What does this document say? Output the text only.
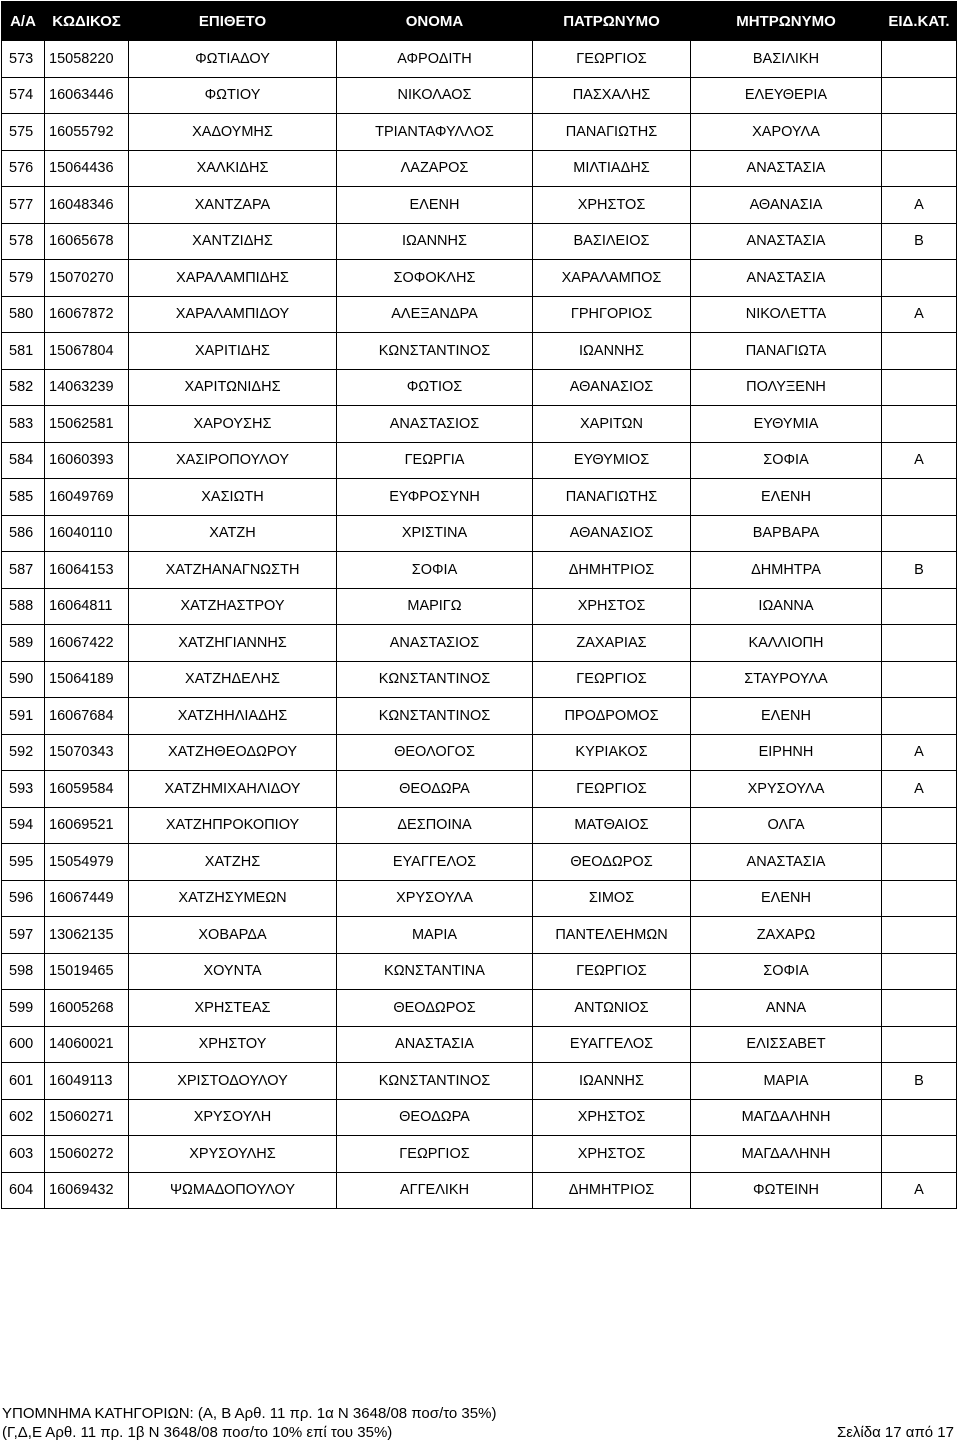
Α/Α	ΚΩΔΙΚΟΣ	ΕΠΙΘΕΤΟ	ΟΝΟΜΑ	ΠΑΤΡΩΝΥΜΟ	ΜΗΤΡΩΝΥΜΟ	ΕΙΔ.ΚΑΤ.
573	15058220	ΦΩΤΙΑΔΟΥ	ΑΦΡΟΔΙΤΗ	ΓΕΩΡΓΙΟΣ	ΒΑΣΙΛΙΚΗ	
574	16063446	ΦΩΤΙΟΥ	ΝΙΚΟΛΑΟΣ	ΠΑΣΧΑΛΗΣ	ΕΛΕΥΘΕΡΙΑ	
575	16055792	ΧΑΔΟΥΜΗΣ	ΤΡΙΑΝΤΑΦΥΛΛΟΣ	ΠΑΝΑΓΙΩΤΗΣ	ΧΑΡΟΥΛΑ	
576	15064436	ΧΑΛΚΙΔΗΣ	ΛΑΖΑΡΟΣ	ΜΙΛΤΙΑΔΗΣ	ΑΝΑΣΤΑΣΙΑ	
577	16048346	ΧΑΝΤΖΑΡΑ	ΕΛΕΝΗ	ΧΡΗΣΤΟΣ	ΑΘΑΝΑΣΙΑ	Α
578	16065678	ΧΑΝΤΖΙΔΗΣ	ΙΩΑΝΝΗΣ	ΒΑΣΙΛΕΙΟΣ	ΑΝΑΣΤΑΣΙΑ	Β
579	15070270	ΧΑΡΑΛΑΜΠΙΔΗΣ	ΣΟΦΟΚΛΗΣ	ΧΑΡΑΛΑΜΠΟΣ	ΑΝΑΣΤΑΣΙΑ	
580	16067872	ΧΑΡΑΛΑΜΠΙΔΟΥ	ΑΛΕΞΑΝΔΡΑ	ΓΡΗΓΟΡΙΟΣ	ΝΙΚΟΛΕΤΤΑ	Α
581	15067804	ΧΑΡΙΤΙΔΗΣ	ΚΩΝΣΤΑΝΤΙΝΟΣ	ΙΩΑΝΝΗΣ	ΠΑΝΑΓΙΩΤΑ	
582	14063239	ΧΑΡΙΤΩΝΙΔΗΣ	ΦΩΤΙΟΣ	ΑΘΑΝΑΣΙΟΣ	ΠΟΛΥΞΕΝΗ	
583	15062581	ΧΑΡΟΥΣΗΣ	ΑΝΑΣΤΑΣΙΟΣ	ΧΑΡΙΤΩΝ	ΕΥΘΥΜΙΑ	
584	16060393	ΧΑΣΙΡΟΠΟΥΛΟΥ	ΓΕΩΡΓΙΑ	ΕΥΘΥΜΙΟΣ	ΣΟΦΙΑ	Α
585	16049769	ΧΑΣΙΩΤΗ	ΕΥΦΡΟΣΥΝΗ	ΠΑΝΑΓΙΩΤΗΣ	ΕΛΕΝΗ	
586	16040110	ΧΑΤΖΗ	ΧΡΙΣΤΙΝΑ	ΑΘΑΝΑΣΙΟΣ	ΒΑΡΒΑΡΑ	
587	16064153	ΧΑΤΖΗΑΝΑΓΝΩΣΤΗ	ΣΟΦΙΑ	ΔΗΜΗΤΡΙΟΣ	ΔΗΜΗΤΡΑ	Β
588	16064811	ΧΑΤΖΗΑΣΤΡΟΥ	ΜΑΡΙΓΩ	ΧΡΗΣΤΟΣ	ΙΩΑΝΝΑ	
589	16067422	ΧΑΤΖΗΓΙΑΝΝΗΣ	ΑΝΑΣΤΑΣΙΟΣ	ΖΑΧΑΡΙΑΣ	ΚΑΛΛΙΟΠΗ	
590	15064189	ΧΑΤΖΗΔΕΛΗΣ	ΚΩΝΣΤΑΝΤΙΝΟΣ	ΓΕΩΡΓΙΟΣ	ΣΤΑΥΡΟΥΛΑ	
591	16067684	ΧΑΤΖΗΗΛΙΑΔΗΣ	ΚΩΝΣΤΑΝΤΙΝΟΣ	ΠΡΟΔΡΟΜΟΣ	ΕΛΕΝΗ	
592	15070343	ΧΑΤΖΗΘΕΟΔΩΡΟΥ	ΘΕΟΛΟΓΟΣ	ΚΥΡΙΑΚΟΣ	ΕΙΡΗΝΗ	Α
593	16059584	ΧΑΤΖΗΜΙΧΑΗΛΙΔΟΥ	ΘΕΟΔΩΡΑ	ΓΕΩΡΓΙΟΣ	ΧΡΥΣΟΥΛΑ	Α
594	16069521	ΧΑΤΖΗΠΡΟΚΟΠΙΟΥ	ΔΕΣΠΟΙΝΑ	ΜΑΤΘΑΙΟΣ	ΟΛΓΑ	
595	15054979	ΧΑΤΖΗΣ	ΕΥΑΓΓΕΛΟΣ	ΘΕΟΔΩΡΟΣ	ΑΝΑΣΤΑΣΙΑ	
596	16067449	ΧΑΤΖΗΣΥΜΕΩΝ	ΧΡΥΣΟΥΛΑ	ΣΙΜΟΣ	ΕΛΕΝΗ	
597	13062135	ΧΟΒΑΡΔΑ	ΜΑΡΙΑ	ΠΑΝΤΕΛΕΗΜΩΝ	ΖΑΧΑΡΩ	
598	15019465	ΧΟΥΝΤΑ	ΚΩΝΣΤΑΝΤΙΝΑ	ΓΕΩΡΓΙΟΣ	ΣΟΦΙΑ	
599	16005268	ΧΡΗΣΤΕΑΣ	ΘΕΟΔΩΡΟΣ	ΑΝΤΩΝΙΟΣ	ΑΝΝΑ	
600	14060021	ΧΡΗΣΤΟΥ	ΑΝΑΣΤΑΣΙΑ	ΕΥΑΓΓΕΛΟΣ	ΕΛΙΣΣΑΒΕΤ	
601	16049113	ΧΡΙΣΤΟΔΟΥΛΟΥ	ΚΩΝΣΤΑΝΤΙΝΟΣ	ΙΩΑΝΝΗΣ	ΜΑΡΙΑ	Β
602	15060271	ΧΡΥΣΟΥΛΗ	ΘΕΟΔΩΡΑ	ΧΡΗΣΤΟΣ	ΜΑΓΔΑΛΗΝΗ	
603	15060272	ΧΡΥΣΟΥΛΗΣ	ΓΕΩΡΓΙΟΣ	ΧΡΗΣΤΟΣ	ΜΑΓΔΑΛΗΝΗ	
604	16069432	ΨΩΜΑΔΟΠΟΥΛΟΥ	ΑΓΓΕΛΙΚΗ	ΔΗΜΗΤΡΙΟΣ	ΦΩΤΕΙΝΗ	Α
ΥΠΟΜΝΗΜΑ ΚΑΤΗΓΟΡΙΩΝ: (Α, Β Αρθ. 11 πρ. 1α Ν 3648/08 ποσ/το 35%)
(Γ,Δ,Ε Αρθ. 11 πρ. 1β Ν 3648/08 ποσ/το 10% επί του 35%)	Σελίδα 17 από 17
